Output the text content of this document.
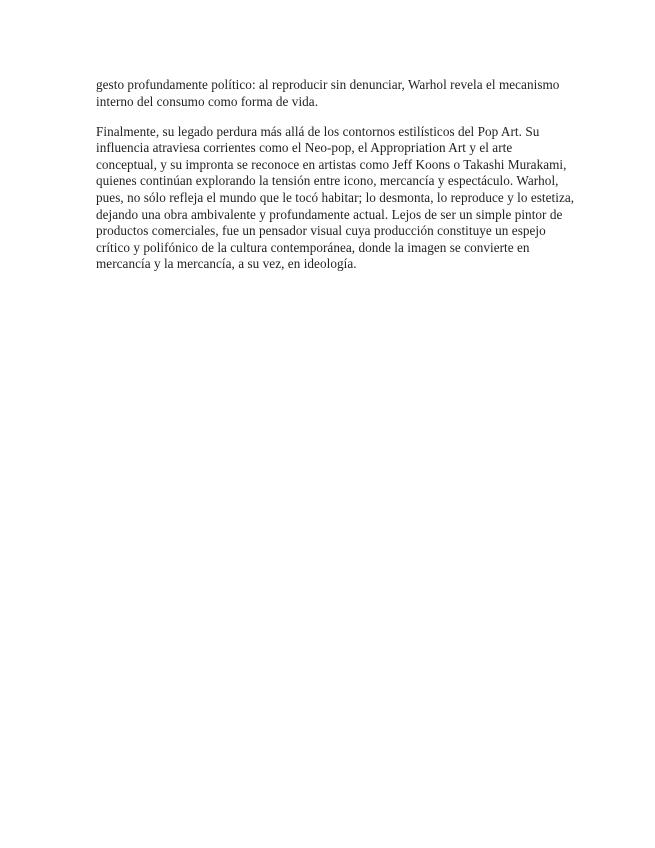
gesto profundamente político: al reproducir sin denunciar, Warhol revela el mecanismo
interno del consumo como forma de vida.
Finalmente, su legado perdura más allá de los contornos estilísticos del Pop Art. Su
influencia atraviesa corrientes como el Neo-pop, el Appropriation Art y el arte
conceptual, y su impronta se reconoce en artistas como Jeff Koons o Takashi Murakami,
quienes continúan explorando la tensión entre icono, mercancía y espectáculo. Warhol,
pues, no sólo refleja el mundo que le tocó habitar; lo desmonta, lo reproduce y lo estetiza,
dejando una obra ambivalente y profundamente actual. Lejos de ser un simple pintor de
productos comerciales, fue un pensador visual cuya producción constituye un espejo
crítico y polifónico de la cultura contemporánea, donde la imagen se convierte en
mercancía y la mercancía, a su vez, en ideología.
